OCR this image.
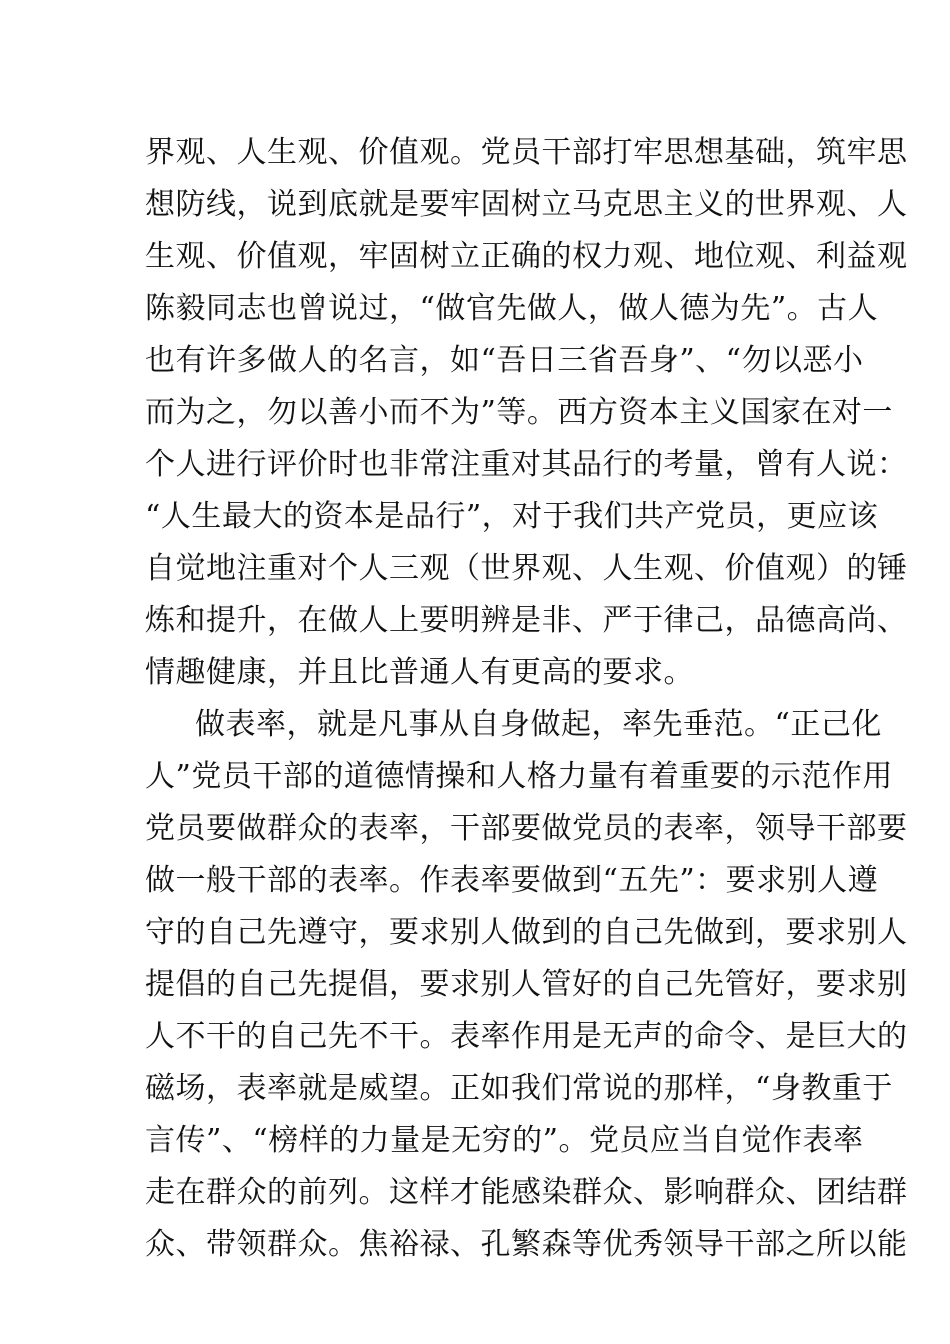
界观、人生观、价值观。党员干部打牢思想基础，筑牢思
想防线，说到底就是要牢固树立马克思主义的世界观、人
生观、价值观，牢固树立正确的权力观、地位观、利益观
陈毅同志也曾说过，“做官先做人，做人德为先”。古人
也有许多做人的名言，如“吾日三省吾身”、“勿以恶小
而为之，勿以善小而不为”等。西方资本主义国家在对一
个人进行评价时也非常注重对其品行的考量，曾有人说：
“人生最大的资本是品行”，对于我们共产党员，更应该
自觉地注重对个人三观（世界观、人生观、价值观）的锤
炼和提升，在做人上要明辨是非、严于律己，品德高尚、
情趣健康，并且比普通人有更高的要求。
做表率，就是凡事从自身做起，率先垂范。“正己化
人”党员干部的道德情操和人格力量有着重要的示范作用
党员要做群众的表率，干部要做党员的表率，领导干部要
做一般干部的表率。作表率要做到“五先”：要求别人遵
守的自己先遵守，要求别人做到的自己先做到，要求别人
提倡的自己先提倡，要求别人管好的自己先管好，要求别
人不干的自己先不干。表率作用是无声的命令、是巨大的
磁场，表率就是威望。正如我们常说的那样，“身教重于
言传”、“榜样的力量是无穷的”。党员应当自觉作表率
走在群众的前列。这样才能感染群众、影响群众、团结群
众、带领群众。焦裕禄、孔繁森等优秀领导干部之所以能
